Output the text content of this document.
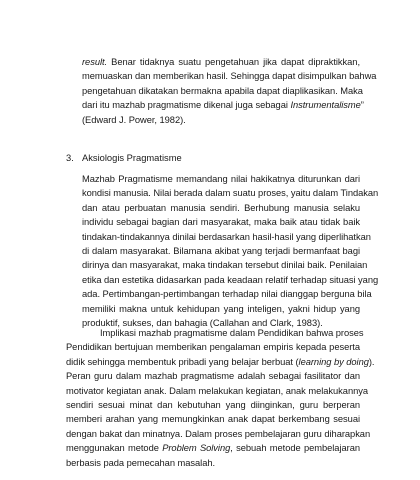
result. Benar tidaknya suatu pengetahuan jika dapat dipraktikkan,
memuaskan dan memberikan hasil. Sehingga dapat disimpulkan bahwa
pengetahuan dikatakan bermakna apabila dapat diaplikasikan. Maka
dari itu mazhab pragmatisme dikenal juga sebagai Instrumentalisme”
(Edward J. Power, 1982).

3. Aksiologis Pragmatisme

Mazhab Pragmatisme memandang nilai hakikatnya diturunkan dari
kondisi manusia. Nilai berada dalam suatu proses, yaitu dalam Tindakan
dan atau perbuatan manusia sendiri. Berhubung manusia selaku
individu sebagai bagian dari masyarakat, maka baik atau tidak baik
tindakan-tindakannya dinilai berdasarkan hasil-hasil yang diperlihatkan
di dalam masyarakat. Bilamana akibat yang terjadi bermanfaat bagi
dirinya dan masyarakat, maka tindakan tersebut dinilai baik. Penilaian
etika dan estetika didasarkan pada keadaan relatif terhadap situasi yang
ada. Pertimbangan-pertimbangan terhadap nilai dianggap berguna bila
memiliki makna untuk kehidupan yang inteligen, yakni hidup yang
produktif, sukses, dan bahagia (Callahan and Clark, 1983).

Implikasi mazhab pragmatisme dalam Pendidikan bahwa proses
Pendidikan bertujuan memberikan pengalaman empiris kepada peserta
didik sehingga membentuk pribadi yang belajar berbuat (learning by doing).
Peran guru dalam mazhab pragmatisme adalah sebagai fasilitator dan
motivator kegiatan anak. Dalam melakukan kegiatan, anak melakukannya
sendiri sesuai minat dan kebutuhan yang diinginkan, guru berperan
memberi arahan yang memungkinkan anak dapat berkembang sesuai
dengan bakat dan minatnya. Dalam proses pembelajaran guru diharapkan
menggunakan metode Problem Solving, sebuah metode pembelajaran
berbasis pada pemecahan masalah.
